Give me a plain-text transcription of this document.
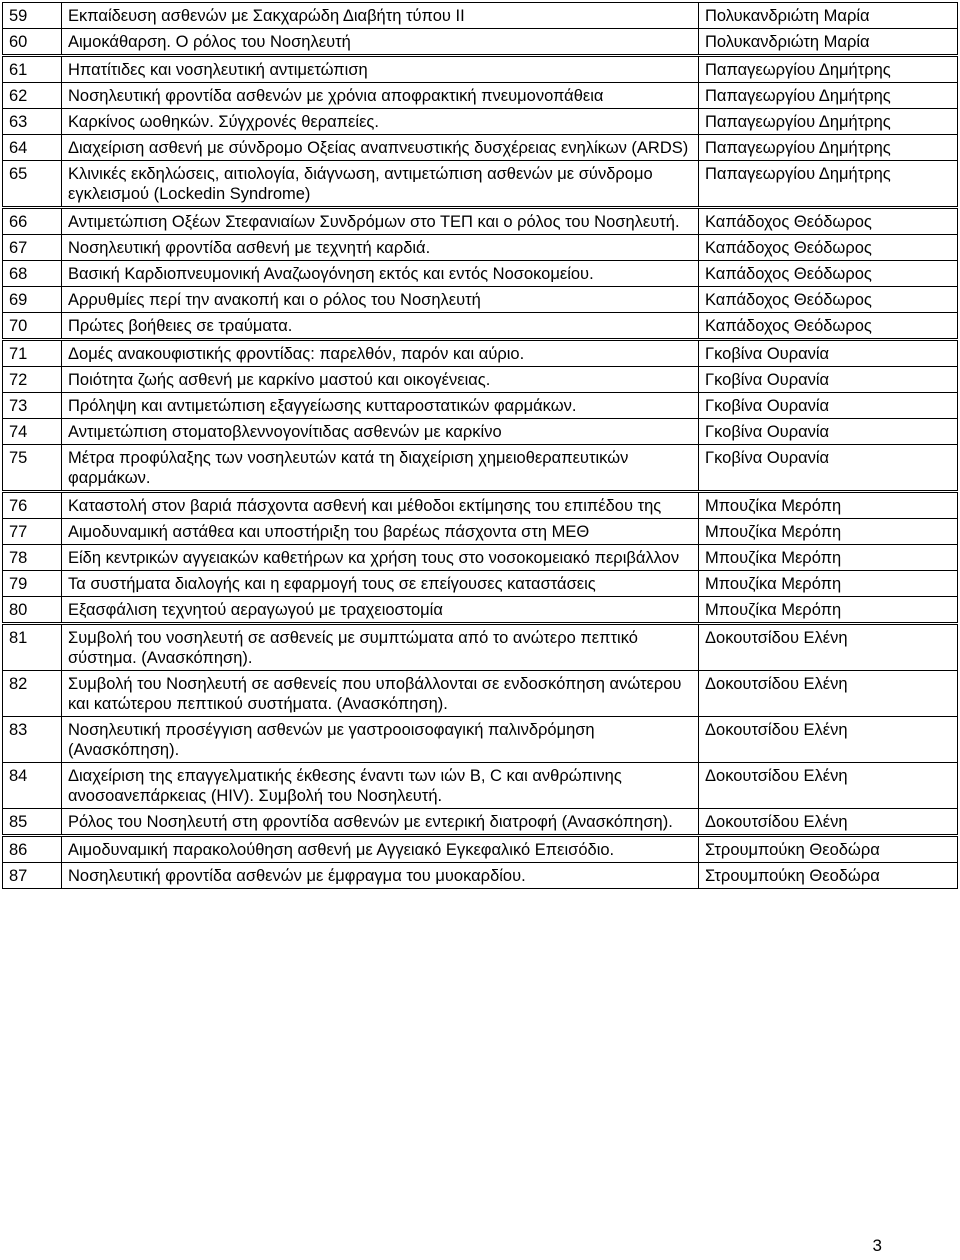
59	Εκπαίδευση ασθενών με Σακχαρώδη Διαβήτη τύπου ΙΙ	Πολυκανδριώτη Μαρία
60	Αιμοκάθαρση. Ο ρόλος του Νοσηλευτή	Πολυκανδριώτη Μαρία
61	Ηπατίτιδες και νοσηλευτική αντιμετώπιση	Παπαγεωργίου Δημήτρης
62	Νοσηλευτική φροντίδα ασθενών με χρόνια αποφρακτική πνευμονοπάθεια	Παπαγεωργίου Δημήτρης
63	Καρκίνος ωοθηκών. Σύγχρονές θεραπείες.	Παπαγεωργίου Δημήτρης
64	Διαχείριση ασθενή με σύνδρομο Οξείας αναπνευστικής δυσχέρειας ενηλίκων (ARDS)	Παπαγεωργίου Δημήτρης
65	Κλινικές εκδηλώσεις, αιτιολογία, διάγνωση, αντιμετώπιση ασθενών με σύνδρομο εγκλεισμού (Lockedin Syndrome)	Παπαγεωργίου Δημήτρης
66	Αντιμετώπιση Οξέων Στεφανιαίων Συνδρόμων στο ΤΕΠ και ο ρόλος του Νοσηλευτή.	Καπάδοχος Θεόδωρος
67	Νοσηλευτική φροντίδα ασθενή με τεχνητή καρδιά.	Καπάδοχος Θεόδωρος
68	Βασική Καρδιοπνευμονική Αναζωογόνηση εκτός και εντός Νοσοκομείου.	Καπάδοχος Θεόδωρος
69	Αρρυθμίες περί την ανακοπή και ο ρόλος του Νοσηλευτή	Καπάδοχος Θεόδωρος
70	Πρώτες βοήθειες σε τραύματα.	Καπάδοχος Θεόδωρος
71	Δομές ανακουφιστικής φροντίδας: παρελθόν, παρόν και αύριο.	Γκοβίνα Ουρανία
72	Ποιότητα ζωής ασθενή με καρκίνο μαστού και οικογένειας.	Γκοβίνα Ουρανία
73	Πρόληψη και αντιμετώπιση εξαγγείωσης κυτταροστατικών φαρμάκων.	Γκοβίνα Ουρανία
74	Αντιμετώπιση στοματοβλεννογονίτιδας ασθενών με καρκίνο	Γκοβίνα Ουρανία
75	Μέτρα προφύλαξης των νοσηλευτών κατά τη διαχείριση χημειοθεραπευτικών φαρμάκων.	Γκοβίνα Ουρανία
76	Καταστολή στον βαριά πάσχοντα ασθενή και μέθοδοι εκτίμησης του επιπέδου της	Μπουζίκα Μερόπη
77	Αιμοδυναμική αστάθεα και υποστήριξη του βαρέως πάσχοντα στη ΜΕΘ	Μπουζίκα Μερόπη
78	Είδη κεντρικών αγγειακών καθετήρων κα χρήση τους στο νοσοκομειακό περιβάλλον	Μπουζίκα Μερόπη
79	Τα συστήματα διαλογής και η εφαρμογή τους σε επείγουσες καταστάσεις	Μπουζίκα Μερόπη
80	Εξασφάλιση τεχνητού αεραγωγού με τραχειοστομία	Μπουζίκα Μερόπη
81	Συμβολή του νοσηλευτή σε ασθενείς με συμπτώματα από το ανώτερο πεπτικό σύστημα. (Ανασκόπηση).	Δοκουτσίδου Ελένη
82	Συμβολή του Νοσηλευτή σε ασθενείς που υποβάλλονται σε ενδοσκόπηση ανώτερου και κατώτερου πεπτικού συστήματα. (Ανασκόπηση).	Δοκουτσίδου Ελένη
83	Νοσηλευτική προσέγγιση ασθενών με γαστροοισοφαγική παλινδρόμηση (Ανασκόπηση).	Δοκουτσίδου Ελένη
84	Διαχείριση της επαγγελματικής έκθεσης έναντι των ιών Β, C και ανθρώπινης ανοσοανεπάρκειας (HIV). Συμβολή του Νοσηλευτή.	Δοκουτσίδου Ελένη
85	Ρόλος του Νοσηλευτή στη φροντίδα ασθενών με εντερική διατροφή (Ανασκόπηση).	Δοκουτσίδου Ελένη
86	Αιμοδυναμική παρακολούθηση ασθενή με Αγγειακό Εγκεφαλικό Επεισόδιο.	Στρουμπούκη Θεοδώρα
87	Νοσηλευτική φροντίδα ασθενών με έμφραγμα του μυοκαρδίου.	Στρουμπούκη Θεοδώρα
3
